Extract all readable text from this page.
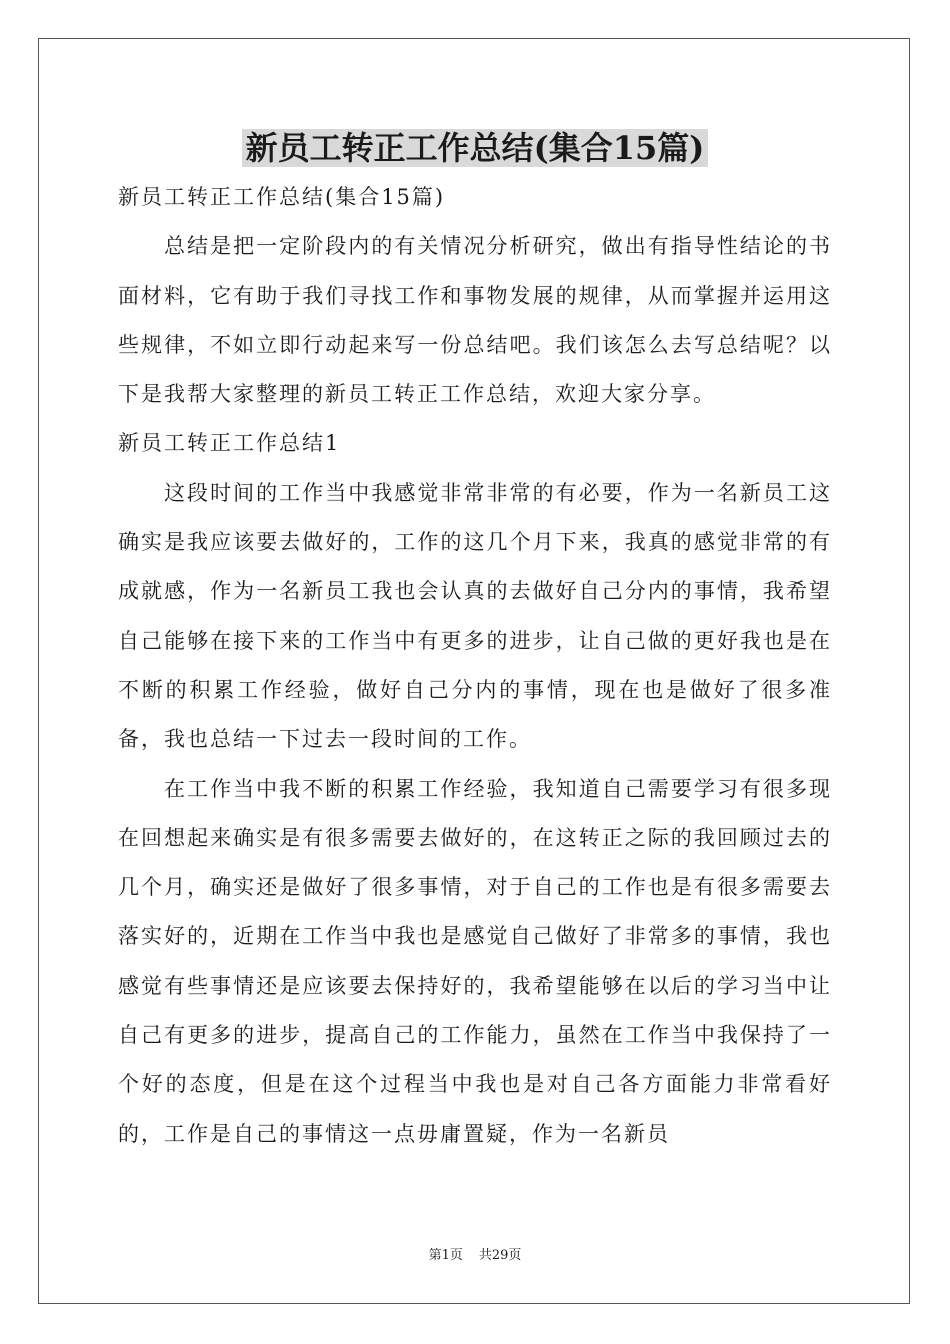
新员工转正工作总结(集合15篇)

新员工转正工作总结(集合15篇)

总结是把一定阶段内的有关情况分析研究，做出有指导性结论的书面材料，它有助于我们寻找工作和事物发展的规律，从而掌握并运用这些规律，不如立即行动起来写一份总结吧。我们该怎么去写总结呢？以下是我帮大家整理的新员工转正工作总结，欢迎大家分享。

新员工转正工作总结1

这段时间的工作当中我感觉非常非常的有必要，作为一名新员工这确实是我应该要去做好的，工作的这几个月下来，我真的感觉非常的有成就感，作为一名新员工我也会认真的去做好自己分内的事情，我希望自己能够在接下来的工作当中有更多的进步，让自己做的更好我也是在不断的积累工作经验，做好自己分内的事情，现在也是做好了很多准备，我也总结一下过去一段时间的工作。

在工作当中我不断的积累工作经验，我知道自己需要学习有很多现在回想起来确实是有很多需要去做好的，在这转正之际的我回顾过去的几个月，确实还是做好了很多事情，对于自己的工作也是有很多需要去落实好的，近期在工作当中我也是感觉自己做好了非常多的事情，我也感觉有些事情还是应该要去保持好的，我希望能够在以后的学习当中让自己有更多的进步，提高自己的工作能力，虽然在工作当中我保持了一个好的态度，但是在这个过程当中我也是对自己各方面能力非常看好的，工作是自己的事情这一点毋庸置疑，作为一名新员

第1页 共29页
